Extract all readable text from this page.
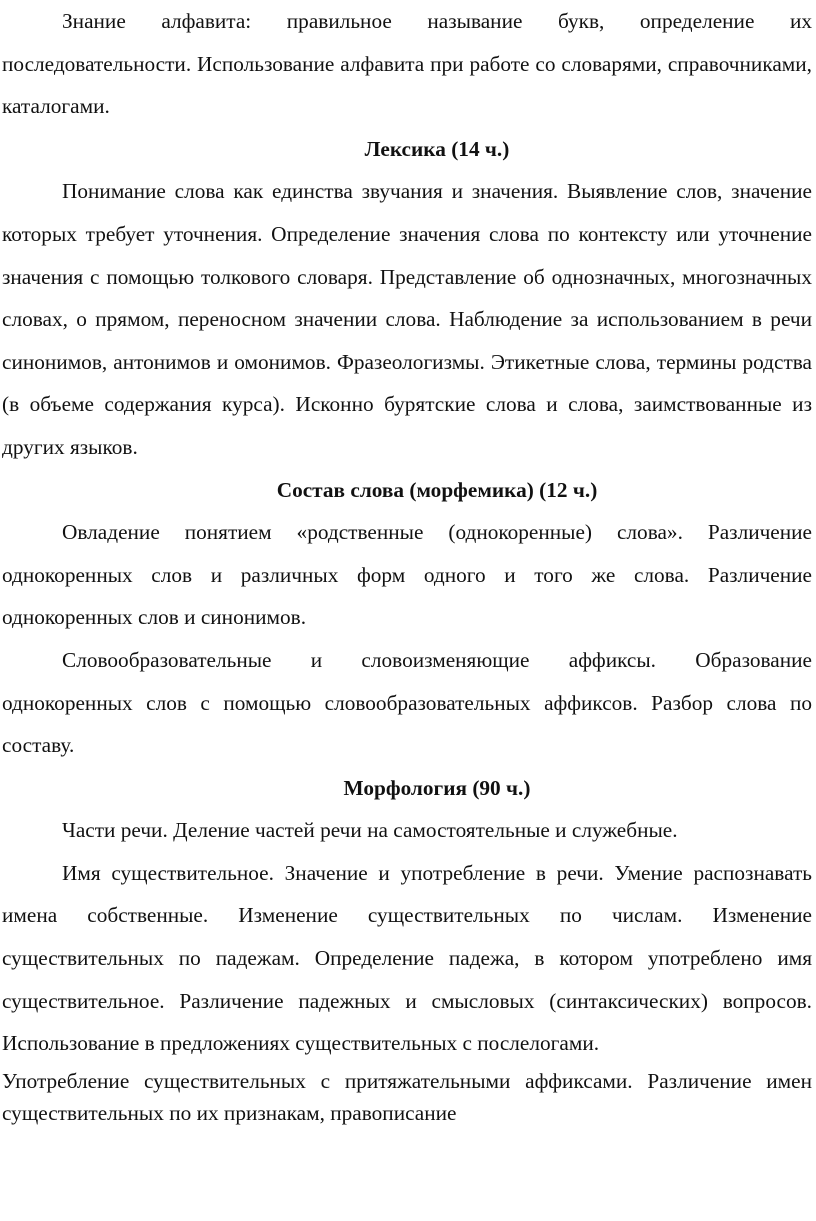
Знание алфавита: правильное называние букв, определение их последовательности. Использование алфавита при работе со словарями, справочниками, каталогами.

Лексика (14 ч.)

Понимание слова как единства звучания и значения. Выявление слов, значение которых требует уточнения. Определение значения слова по контексту или уточнение значения с помощью толкового словаря. Представление об однозначных, многозначных словах, о прямом, переносном значении слова. Наблюдение за использованием в речи синонимов, антонимов и омонимов. Фразеологизмы. Этикетные слова, термины родства (в объеме содержания курса). Исконно бурятские слова и слова, заимствованные из других языков.

Состав слова (морфемика) (12 ч.)

Овладение понятием «родственные (однокоренные) слова». Различение однокоренных слов и различных форм одного и того же слова. Различение однокоренных слов и синонимов.

Словообразовательные и словоизменяющие аффиксы. Образование однокоренных слов с помощью словообразовательных аффиксов. Разбор слова по составу.

Морфология (90 ч.)

Части речи. Деление частей речи на самостоятельные и служебные.

Имя существительное. Значение и употребление в речи. Умение распознавать имена собственные. Изменение существительных по числам. Изменение существительных по падежам. Определение падежа, в котором употреблено имя существительное. Различение падежных и смысловых (синтаксических) вопросов. Использование в предложениях существительных с послелогами.

Употребление существительных с притяжательными аффиксами. Различение имен существительных по их признакам, правописание
